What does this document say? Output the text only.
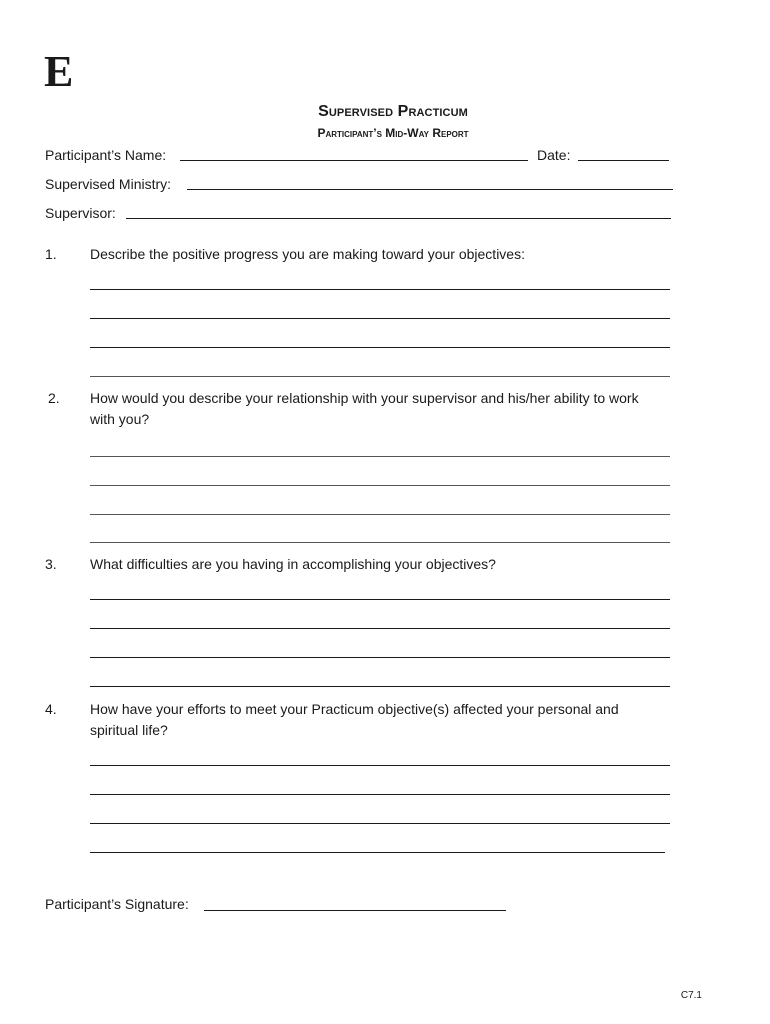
E
Supervised Practicum
Participant’s Mid-Way Report
Participant’s Name:	Date:
Supervised Ministry:
Supervisor:
1. Describe the positive progress you are making toward your objectives:
2. How would you describe your relationship with your supervisor and his/her ability to work with you?
3. What difficulties are you having in accomplishing your objectives?
4. How have your efforts to meet your Practicum objective(s) affected your personal and spiritual life?
Participant’s Signature:
C7.1
